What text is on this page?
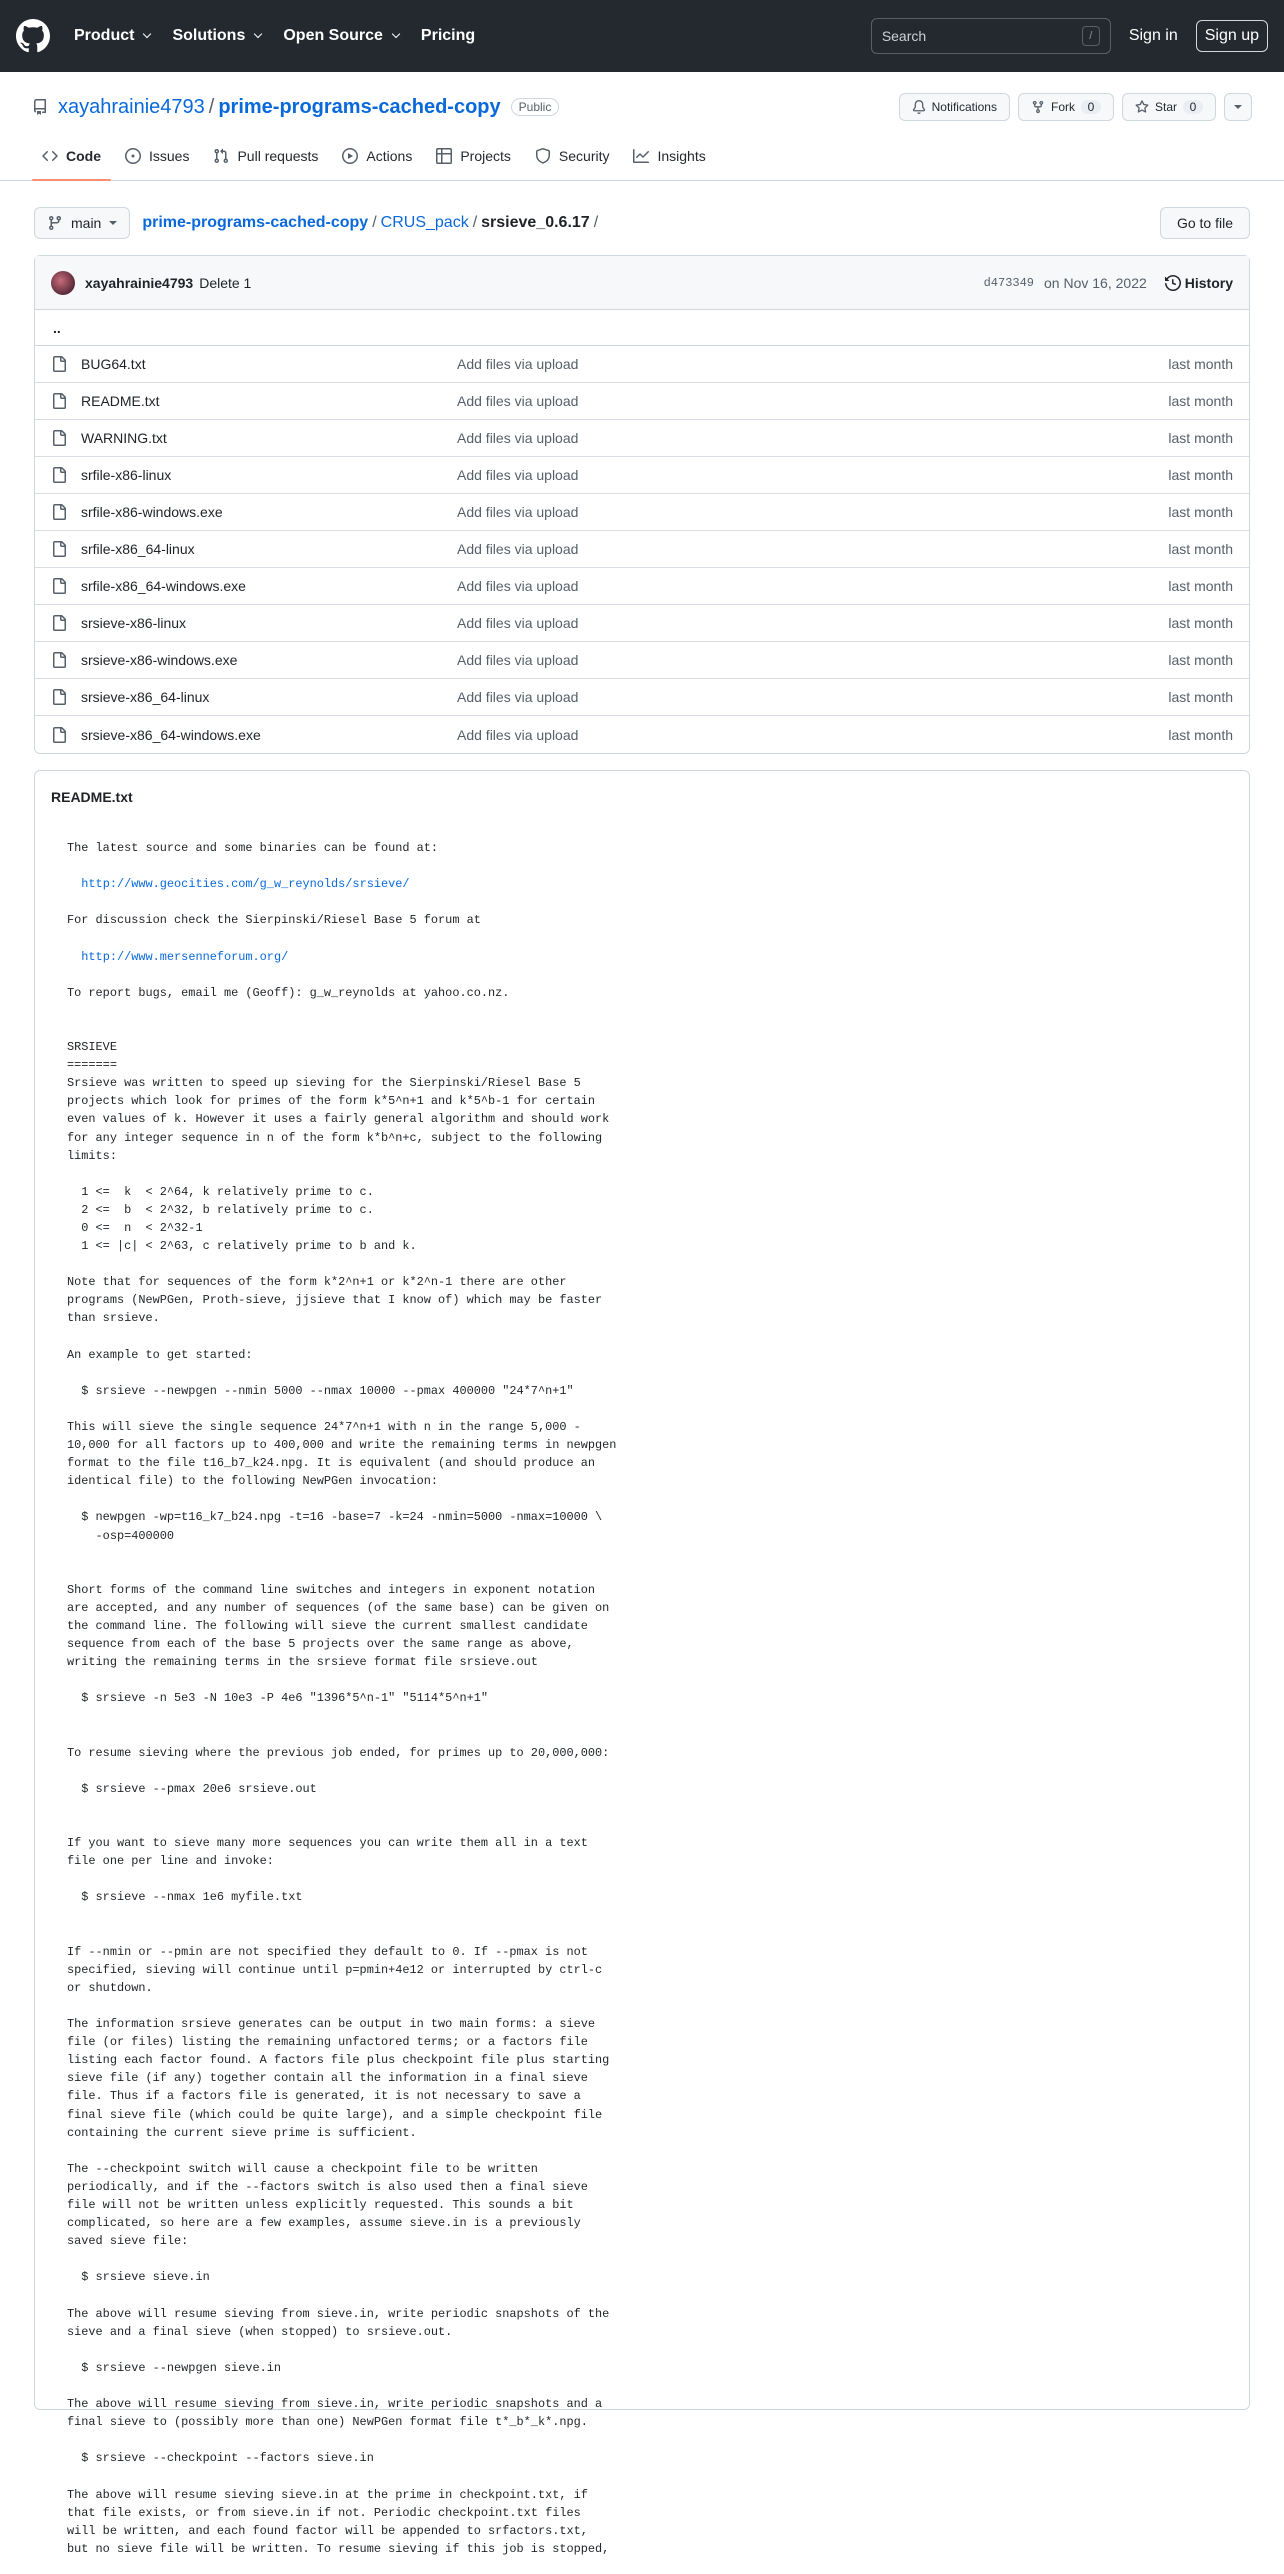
Product Solutions Open Source Pricing
Search	/	Sign in	Sign up
xayahrainie4793 / prime-programs-cached-copy	Public	Notifications	Fork	0	Star	0
Code	Issues	Pull requests	Actions	Projects	Security	Insights
main	prime-programs-cached-copy / CRUS_pack / srsieve_0.6.17 /	Go to file
xayahrainie4793 Delete 1	d473349 on Nov 16, 2022	History
..
BUG64.txt	Add files via upload	last month
README.txt	Add files via upload	last month
WARNING.txt	Add files via upload	last month
srfile-x86-linux	Add files via upload	last month
srfile-x86-windows.exe	Add files via upload	last month
srfile-x86_64-linux	Add files via upload	last month
srfile-x86_64-windows.exe	Add files via upload	last month
srsieve-x86-linux	Add files via upload	last month
srsieve-x86-windows.exe	Add files via upload	last month
srsieve-x86_64-linux	Add files via upload	last month
srsieve-x86_64-windows.exe	Add files via upload	last month
README.txt
The latest source and some binaries can be found at:

http://www.geocities.com/g_w_reynolds/srsieve/

For discussion check the Sierpinski/Riesel Base 5 forum at

http://www.mersenneforum.org/

To report bugs, email me (Geoff): g_w_reynolds at yahoo.co.nz.

SRSIEVE
=======
Srsieve was written to speed up sieving for the Sierpinski/Riesel Base 5
projects which look for primes of the form k*5^n+1 and k*5^b-1 for certain
even values of k. However it uses a fairly general algorithm and should work
for any integer sequence in n of the form k*b^n+c, subject to the following
limits:

1 <=  k  < 2^64, k relatively prime to c.
2 <=  b  < 2^32, b relatively prime to c.
0 <=  n  < 2^32-1
1 <= |c| < 2^63, c relatively prime to b and k.

Note that for sequences of the form k*2^n+1 or k*2^n-1 there are other
programs (NewPGen, Proth-sieve, jjsieve that I know of) which may be faster
than srsieve.

An example to get started:

$ srsieve --newpgen --nmin 5000 --nmax 10000 --pmax 400000 "24*7^n+1"

This will sieve the single sequence 24*7^n+1 with n in the range 5,000 -
10,000 for all factors up to 400,000 and write the remaining terms in newpgen
format to the file t16_b7_k24.npg. It is equivalent (and should produce an
identical file) to the following NewPGen invocation:

$ newpgen -wp=t16_k7_b24.npg -t=16 -base=7 -k=24 -nmin=5000 -nmax=10000 \
-osp=400000

Short forms of the command line switches and integers in exponent notation
are accepted, and any number of sequences (of the same base) can be given on
the command line. The following will sieve the current smallest candidate
sequence from each of the base 5 projects over the same range as above,
writing the remaining terms in the srsieve format file srsieve.out

$ srsieve -n 5e3 -N 10e3 -P 4e6 "1396*5^n-1" "5114*5^n+1"

To resume sieving where the previous job ended, for primes up to 20,000,000:

$ srsieve --pmax 20e6 srsieve.out

If you want to sieve many more sequences you can write them all in a text
file one per line and invoke:

$ srsieve --nmax 1e6 myfile.txt

If --nmin or --pmin are not specified they default to 0. If --pmax is not
specified, sieving will continue until p=pmin+4e12 or interrupted by ctrl-c
or shutdown.

The information srsieve generates can be output in two main forms: a sieve
file (or files) listing the remaining unfactored terms; or a factors file
listing each factor found. A factors file plus checkpoint file plus starting
sieve file (if any) together contain all the information in a final sieve
file. Thus if a factors file is generated, it is not necessary to save a
final sieve file (which could be quite large), and a simple checkpoint file
containing the current sieve prime is sufficient.

The --checkpoint switch will cause a checkpoint file to be written
periodically, and if the --factors switch is also used then a final sieve
file will not be written unless explicitly requested. This sounds a bit
complicated, so here are a few examples, assume sieve.in is a previously
saved sieve file:

$ srsieve sieve.in

The above will resume sieving from sieve.in, write periodic snapshots of the
sieve and a final sieve (when stopped) to srsieve.out.

$ srsieve --newpgen sieve.in

The above will resume sieving from sieve.in, write periodic snapshots and a
final sieve to (possibly more than one) NewPGen format file t*_b*_k*.npg.

$ srsieve --checkpoint --factors sieve.in

The above will resume sieving sieve.in at the prime in checkpoint.txt, if
that file exists, or from sieve.in if not. Periodic checkpoint.txt files
will be written, and each found factor will be appended to srfactors.txt,
but no sieve file will be written. To resume sieving if this job is stopped,
